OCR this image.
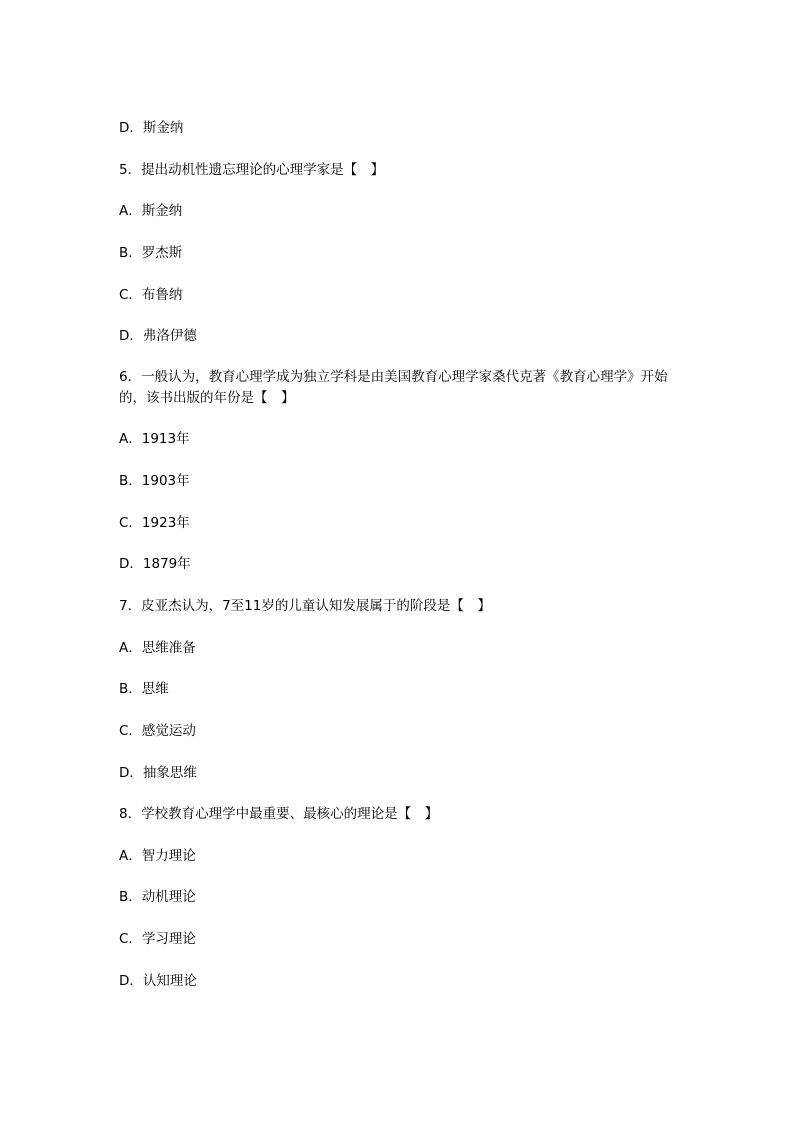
D．斯金纳
5．提出动机性遗忘理论的心理学家是【　】
A．斯金纳
B．罗杰斯
C．布鲁纳
D．弗洛伊德
6．一般认为，教育心理学成为独立学科是由美国教育心理学家桑代克著《教育心理学》开始的，该书出版的年份是【　】
A．1913年
B．1903年
C．1923年
D．1879年
7．皮亚杰认为，7至11岁的儿童认知发展属于的阶段是【　】
A．思维准备
B．思维
C．感觉运动
D．抽象思维
8．学校教育心理学中最重要、最核心的理论是【　】
A．智力理论
B．动机理论
C．学习理论
D．认知理论
